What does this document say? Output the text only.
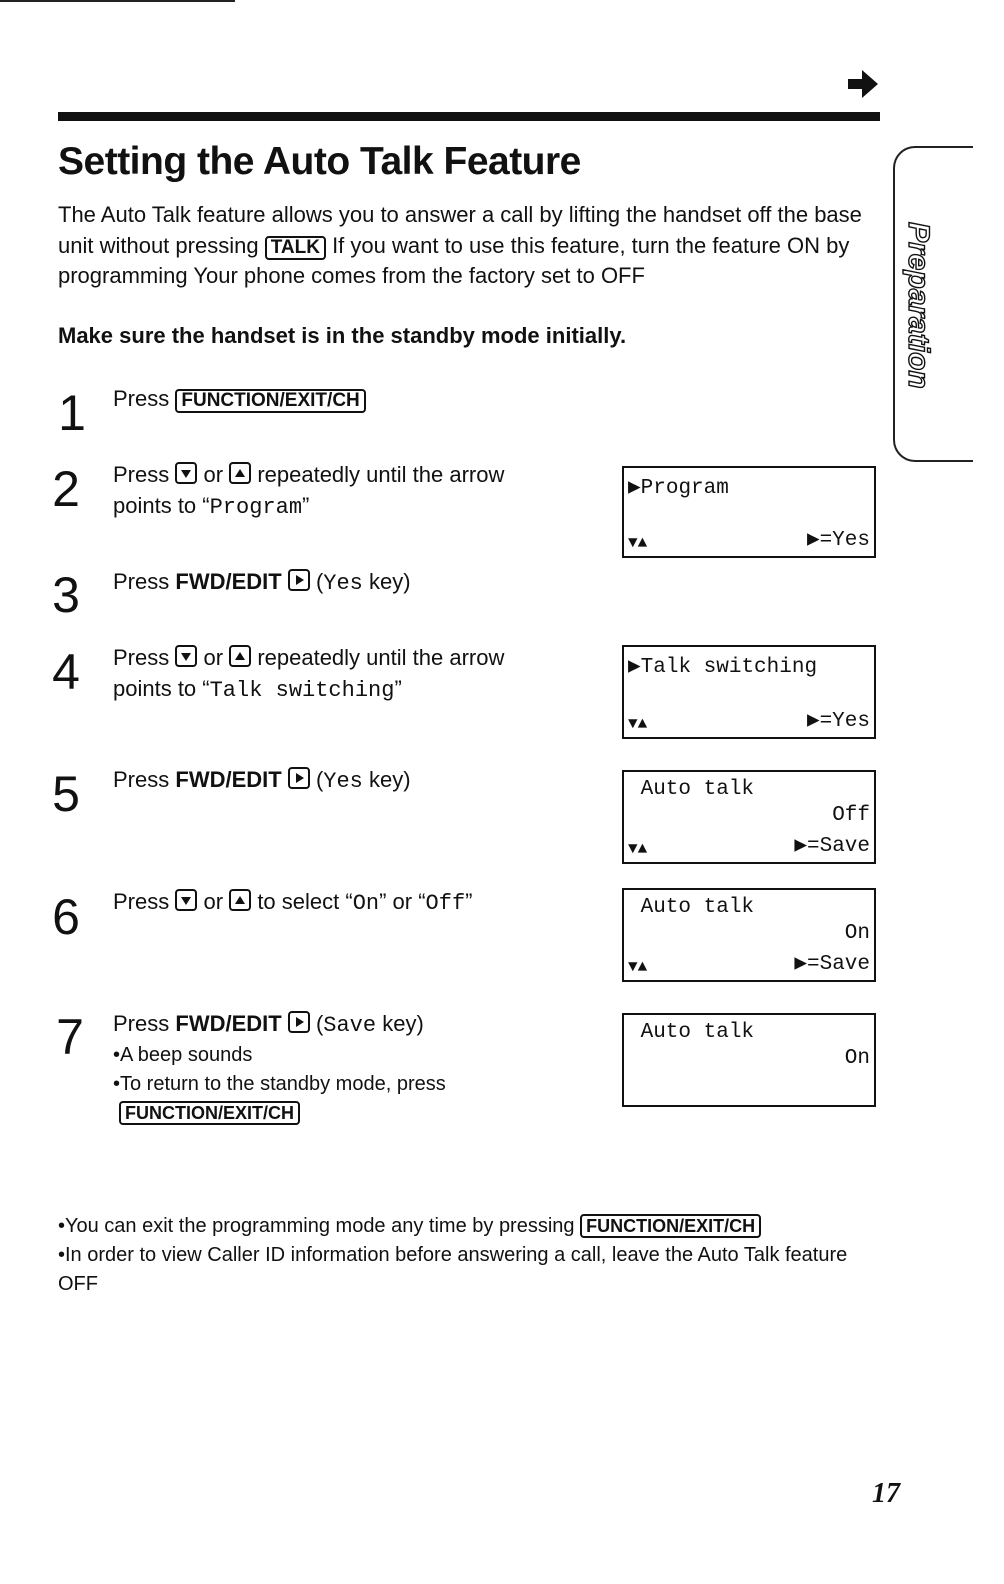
Setting the Auto Talk Feature
The Auto Talk feature allows you to answer a call by lifting the handset off the base unit without pressing TALK If you want to use this feature, turn the feature ON by programming Your phone comes from the factory set to OFF
Make sure the handset is in the standby mode initially.	Preparation
1 Press FUNCTION/EXIT/CH
2 Press or repeatedly until the arrow
points to “Program”
▶Program
▼▲	▶=Yes
3 Press FWD/EDIT (Yes key)
4 Press or repeatedly until the arrow
points to “Talk switching”
▶Talk switching
▼▲	▶=Yes
5 Press FWD/EDIT (Yes key)	Auto talk
Off
▼▲	▶=Save
6 Press or to select “On” or “Off”	Auto talk
On
▼▲	▶=Save
7 Press FWD/EDIT (Save key)
•A beep sounds
•To return to the standby mode, press
FUNCTION/EXIT/CH
Auto talk
On
•You can exit the programming mode any time by pressing FUNCTION/EXIT/CH
•In order to view Caller ID information before answering a call, leave the Auto Talk feature OFF
17
